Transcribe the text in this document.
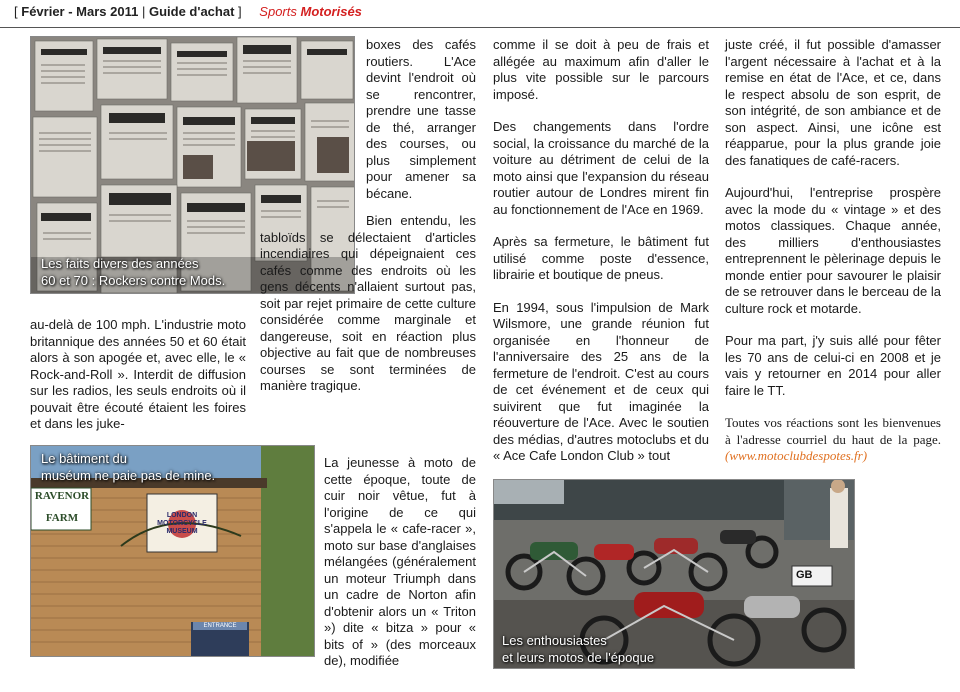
[ Février - Mars 2011 | Guide d'achat ] Sports Motorisés
Les faits divers des années
60 et 70 : Rockers contre Mods.

boxes des cafés routiers. L'Ace devint l'endroit où se rencontrer, prendre une tasse de thé, arranger des courses, ou plus simplement pour amener sa bécane.

Bien entendu, les tabloïds se délectaient d'articles incendiaires qui dépeignaient ces cafés comme des endroits où les gens décents n'allaient surtout pas, soit par rejet primaire de cette culture considérée comme marginale et dangereuse, soit en réaction plus objective au fait que de nombreuses courses se sont terminées de manière tragique.
au-delà de 100 mph. L'industrie moto britannique des années 50 et 60 était alors à son apogée et, avec elle, le « Rock-and-Roll ». Interdit de diffusion sur les radios, les seuls endroits où il pouvait être écouté étaient les foires et dans les juke-
RAVENOR
FARM	LONDON MOTORCYCLE MUSEUM
ENTRANCE
Le bâtiment du
muséum ne paie pas de mine.
La jeunesse à moto de cette époque, toute de cuir noir vêtue, fut à l'origine de ce qui s'appela le « cafe-racer », moto sur base d'anglaises mélangées (généralement un moteur Triumph dans un cadre de Norton afin d'obtenir alors un « Triton ») dite « bitza » pour « bits of » (des morceaux de), modifiée

comme il se doit à peu de frais et allégée au maximum afin d'aller le plus vite possible sur le parcours imposé.

Des changements dans l'ordre social, la croissance du marché de la voiture au détriment de celui de la moto ainsi que l'expansion du réseau routier autour de Londres mirent fin au fonctionnement de l'Ace en 1969.

Après sa fermeture, le bâtiment fut utilisé comme poste d'essence, librairie et boutique de pneus.

En 1994, sous l'impulsion de Mark Wilsmore, une grande réunion fut organisée en l'honneur de l'anniversaire des 25 ans de la fermeture de l'endroit. C'est au cours de cet événement et de ceux qui suivirent que fut imaginée la réouverture de l'Ace. Avec le soutien des médias, d'autres motoclubs et du « Ace Cafe London Club » tout

juste créé, il fut possible d'amasser l'argent nécessaire à l'achat et à la remise en état de l'Ace, et ce, dans le respect absolu de son esprit, de son intégrité, de son ambiance et de son aspect. Ainsi, une icône est réapparue, pour la plus grande joie des fanatiques de café-racers.

Aujourd'hui, l'entreprise prospère avec la mode du « vintage » et des motos classiques. Chaque année, des milliers d'enthousiastes entreprennent le pèlerinage depuis le monde entier pour savourer le plaisir de se retrouver dans le berceau de la culture rock et motarde.

Pour ma part, j'y suis allé pour fêter les 70 ans de celui-ci en 2008 et je vais y retourner en 2014 pour aller faire le TT.

Toutes vos réactions sont les bienvenues à l'adresse courriel du haut de la page. (www.motoclubdespotes.fr)

GB
Les enthousiastes
et leurs motos de l'époque
